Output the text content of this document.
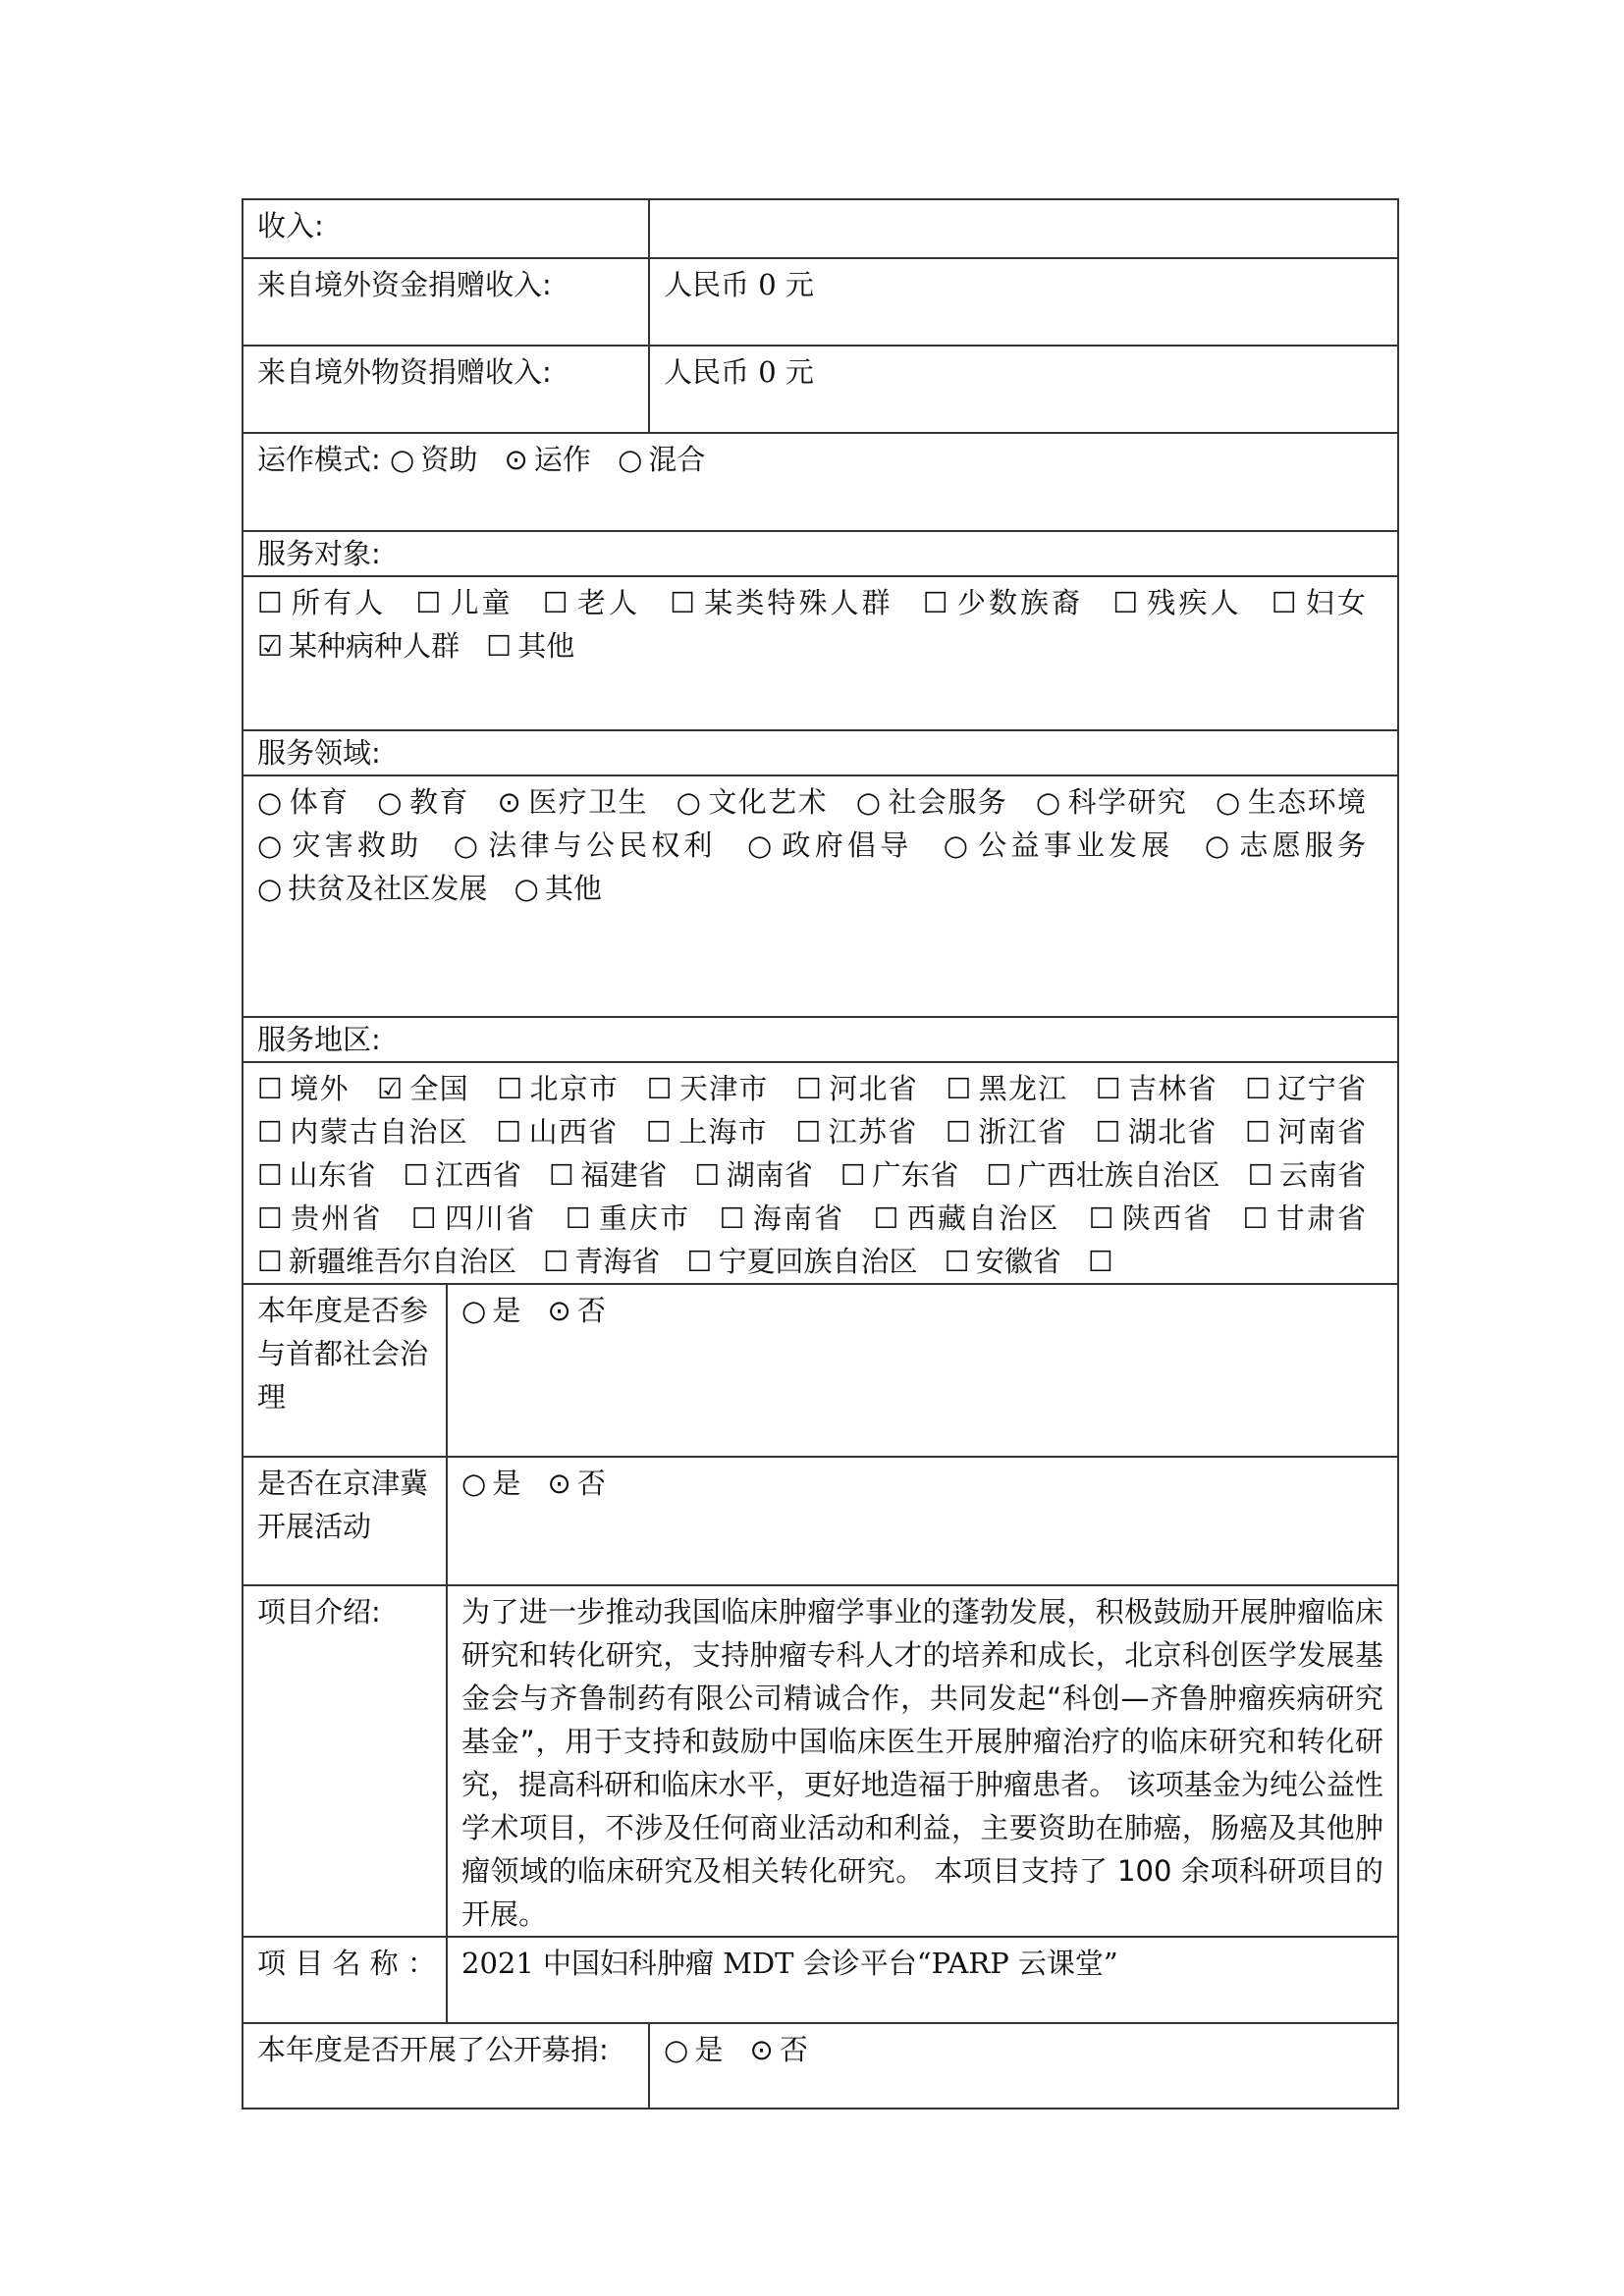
收入:		

来自境外资金捐赠收入:		人民币 0 元

来自境外物资捐赠收入:		人民币 0 元

运作模式: ○ 资助 ⊙ 运作 ○ 混合		

服务对象:		

☐ 所有人 ☐ 儿童 ☐ 老人 ☐ 某类特殊人群 ☐ 少数族裔 ☐ 残疾人 ☐ 妇女 ☑ 某种病种人群 ☐ 其他		

服务领域:		

○ 体育 ○ 教育 ⊙ 医疗卫生 ○ 文化艺术 ○ 社会服务 ○ 科学研究 ○ 生态环境 ○ 灾害救助 ○ 法律与公民权利 ○ 政府倡导 ○ 公益事业发展 ○ 志愿服务 ○ 扶贫及社区发展 ○ 其他		

服务地区:		

☐ 境外 ☑ 全国 ☐ 北京市 ☐ 天津市 ☐ 河北省 ☐ 黑龙江 ☐ 吉林省 ☐ 辽宁省 ☐ 内蒙古自治区 ☐ 山西省 ☐ 上海市 ☐ 江苏省 ☐ 浙江省 ☐ 湖北省 ☐ 河南省 ☐ 山东省 ☐ 江西省 ☐ 福建省 ☐ 湖南省 ☐ 广东省 ☐ 广西壮族自治区 ☐ 云南省 ☐ 贵州省 ☐ 四川省 ☐ 重庆市 ☐ 海南省 ☐ 西藏自治区 ☐ 陕西省 ☐ 甘肃省 ☐ 新疆维吾尔自治区 ☐ 青海省 ☐ 宁夏回族自治区 ☐ 安徽省 ☐		

本年度是否参与首都社会治理	○ 是 ⊙ 否	

是否在京津冀开展活动	○ 是 ⊙ 否	

项目介绍:	为了进一步推动我国临床肿瘤学事业的蓬勃发展，积极鼓励开展肿瘤临床研究和转化研究，支持肿瘤专科人才的培养和成长，北京科创医学发展基金会与齐鲁制药有限公司精诚合作，共同发起“科创—齐鲁肿瘤疾病研究基金”，用于支持和鼓励中国临床医生开展肿瘤治疗的临床研究和转化研究，提高科研和临床水平，更好地造福于肿瘤患者。 该项基金为纯公益性学术项目，不涉及任何商业活动和利益，主要资助在肺癌，肠癌及其他肿瘤领域的临床研究及相关转化研究。 本项目支持了 100 余项科研项目的开展。	

项 目 名 称 ：	2021 中国妇科肿瘤 MDT 会诊平台“PARP 云课堂”	

本年度是否开展了公开募捐:		○ 是 ⊙ 否
